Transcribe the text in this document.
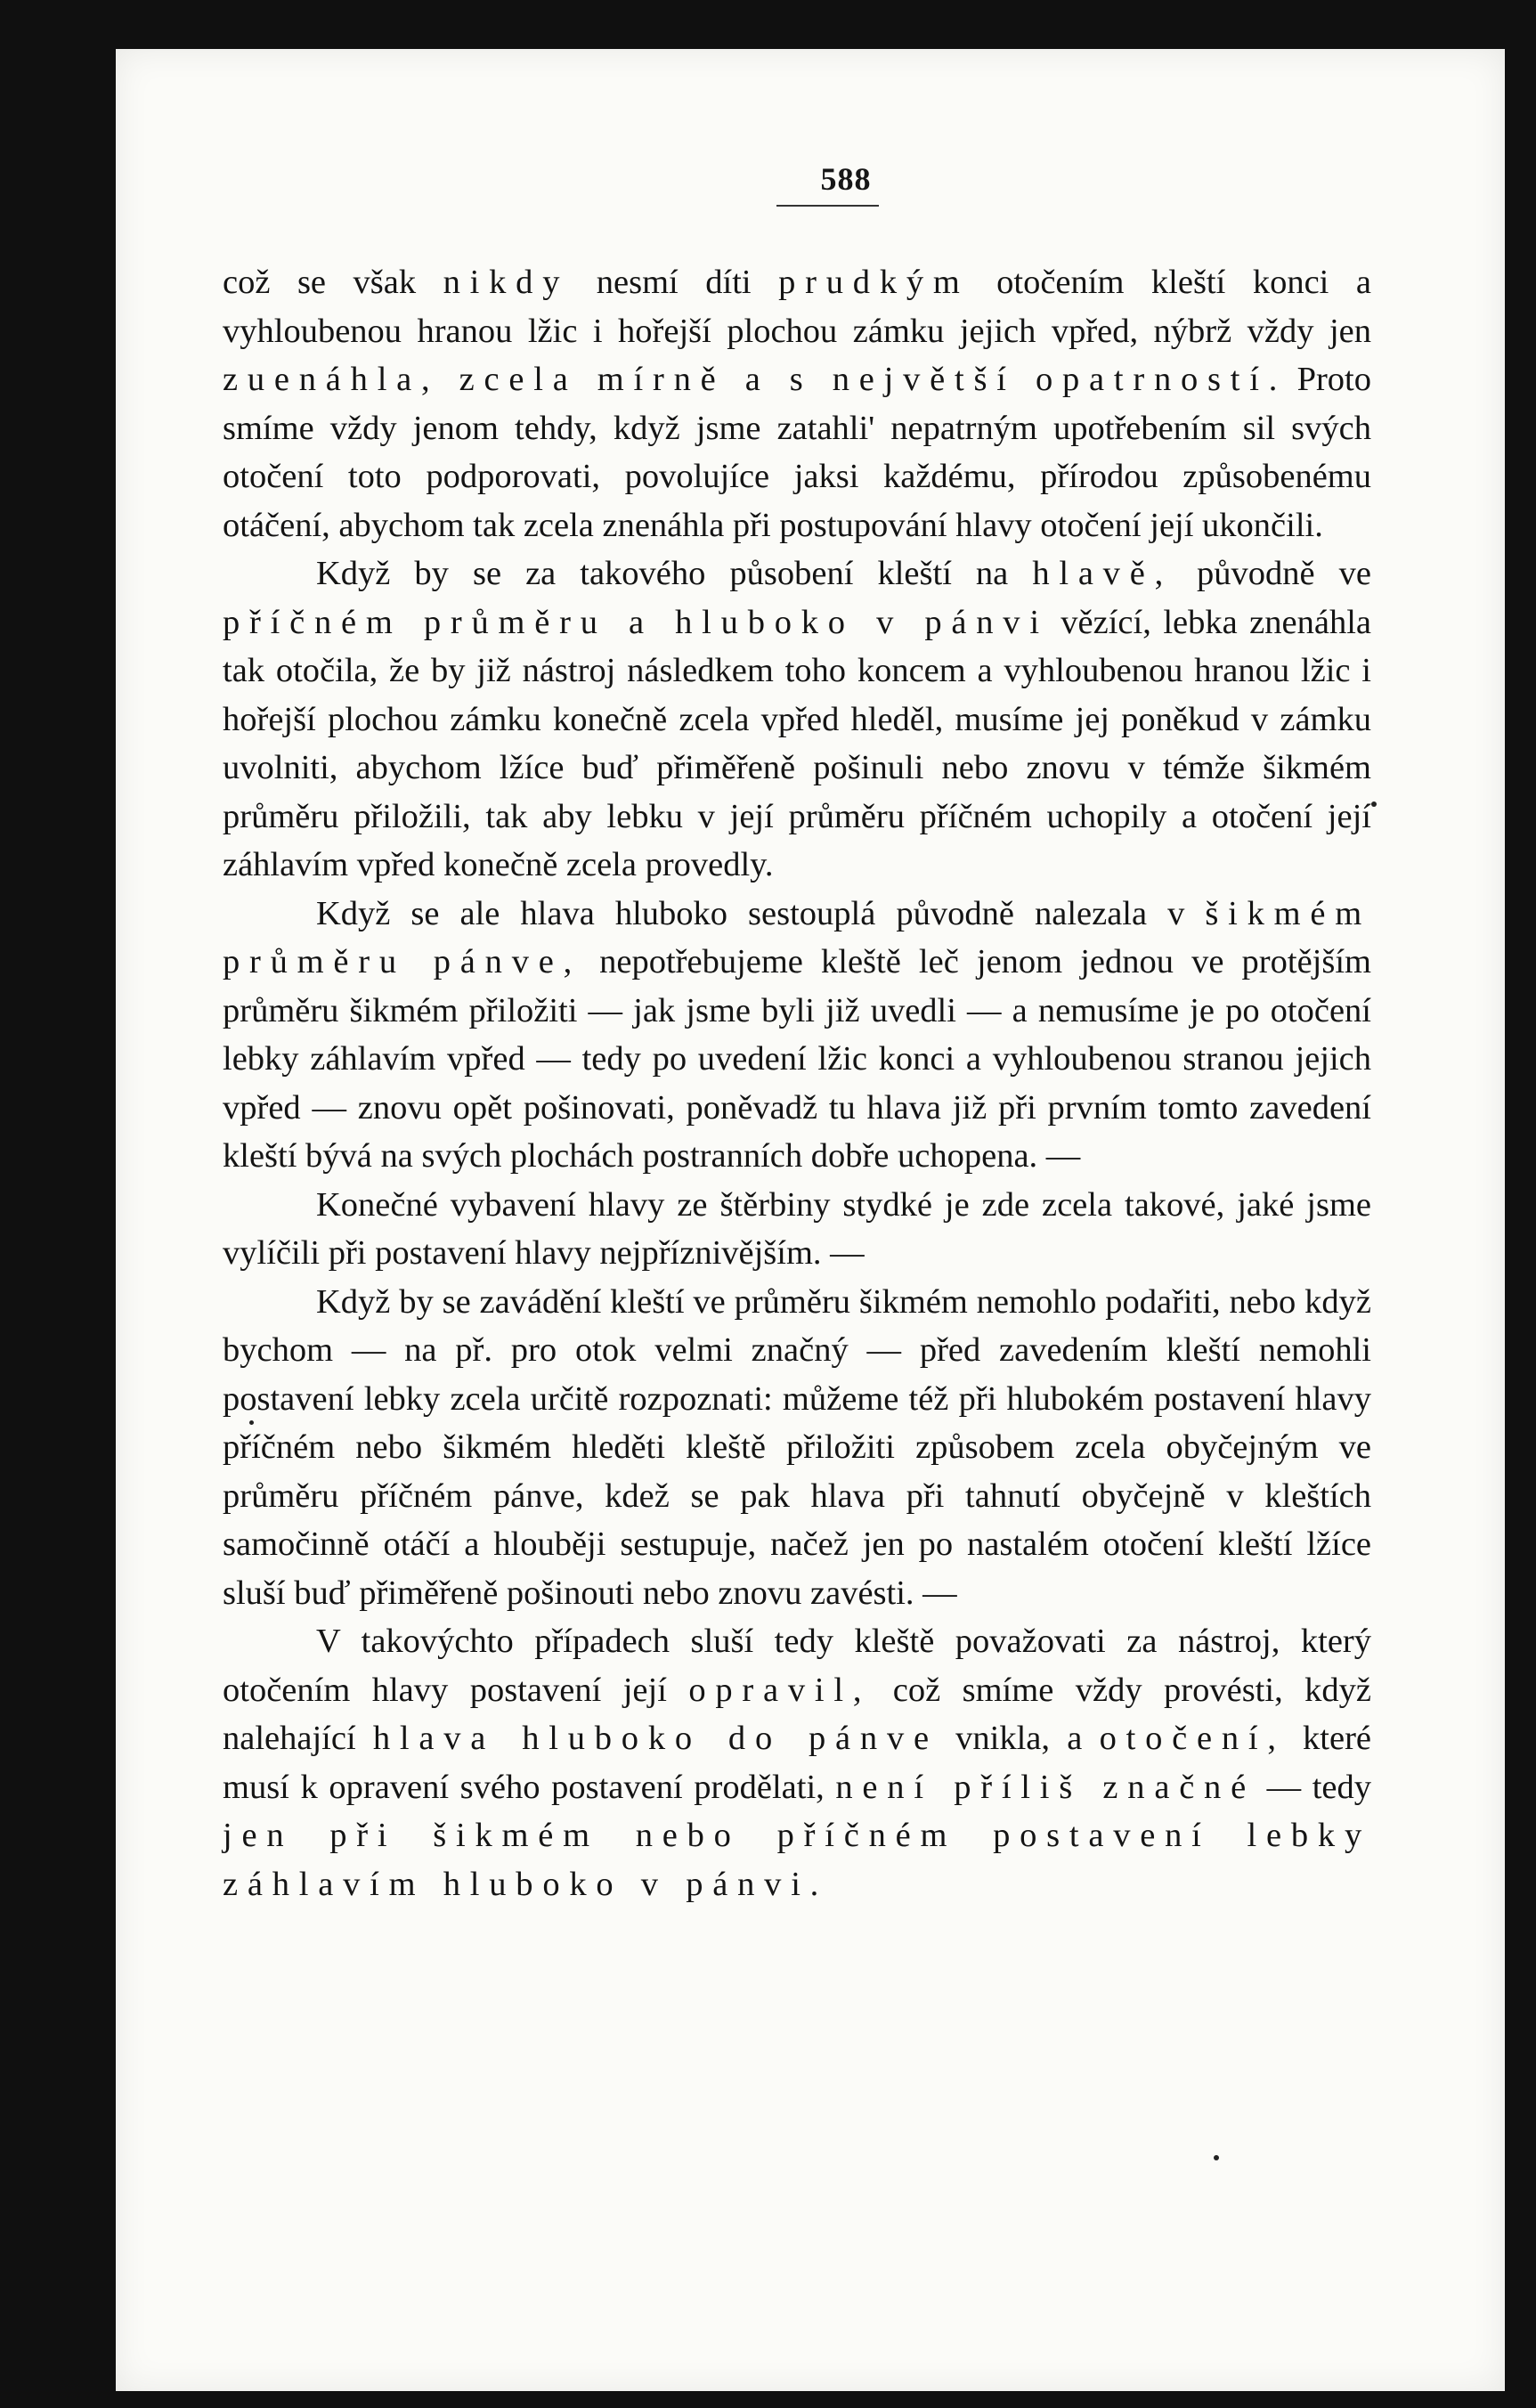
588

což se však nikdy nesmí díti prudkým otočením kleští konci a vyhloubenou hranou lžic i hořejší plochou zámku jejich vpřed, nýbrž vždy jen zuenáhla, zcela mírně a s největší opatrností. Proto smíme vždy jenom tehdy, když jsme zatahli' nepatrným upotřebením sil svých otočení toto podporovati, povolujíce jaksi každému, přírodou způsobenému otáčení, abychom tak zcela znenáhla při postupování hlavy otočení její ukončili.

Když by se za takového působení kleští na hlavě, původně ve příčném průměru a hluboko v pánvi vězící, lebka znenáhla tak otočila, že by již nástroj následkem toho koncem a vyhloubenou hranou lžic i hořejší plochou zámku konečně zcela vpřed hleděl, musíme jej poněkud v zámku uvolniti, abychom lžíce buď přiměřeně pošinuli nebo znovu v témže šikmém průměru přiložili, tak aby lebku v její průměru příčném uchopily a otočení její záhlavím vpřed konečně zcela provedly.

Když se ale hlava hluboko sestouplá původně nalezala v šikmém průměru pánve, nepotřebujeme kleště leč jenom jednou ve protějším průměru šikmém přiložiti — jak jsme byli již uvedli — a nemusíme je po otočení lebky záhlavím vpřed — tedy po uvedení lžic konci a vyhloubenou stranou jejich vpřed — znovu opět pošinovati, poněvadž tu hlava již při prvním tomto zavedení kleští bývá na svých plochách postranních dobře uchopena. —

Konečné vybavení hlavy ze štěrbiny stydké je zde zcela takové, jaké jsme vylíčili při postavení hlavy nejpříznivějším. —

Když by se zavádění kleští ve průměru šikmém nemohlo podařiti, nebo když bychom — na př. pro otok velmi značný — před zavedením kleští nemohli postavení lebky zcela určitě rozpoznati: můžeme též při hlubokém postavení hlavy příčném nebo šikmém hleděti kleště přiložiti způsobem zcela obyčejným ve průměru příčném pánve, kdež se pak hlava při tahnutí obyčejně v kleštích samočinně otáčí a hlouběji sestupuje, načež jen po nastalém otočení kleští lžíce sluší buď přiměřeně pošinouti nebo znovu zavésti. —

V takovýchto případech sluší tedy kleště považovati za nástroj, který otočením hlavy postavení její opravil, což smíme vždy provésti, když nalehající hlava hluboko do pánve vnikla, a otočení, které musí k opravení svého postavení prodělati, není příliš značné — tedy jen při šikmém nebo příčném postavení lebky záhlavím hluboko v pánvi.
